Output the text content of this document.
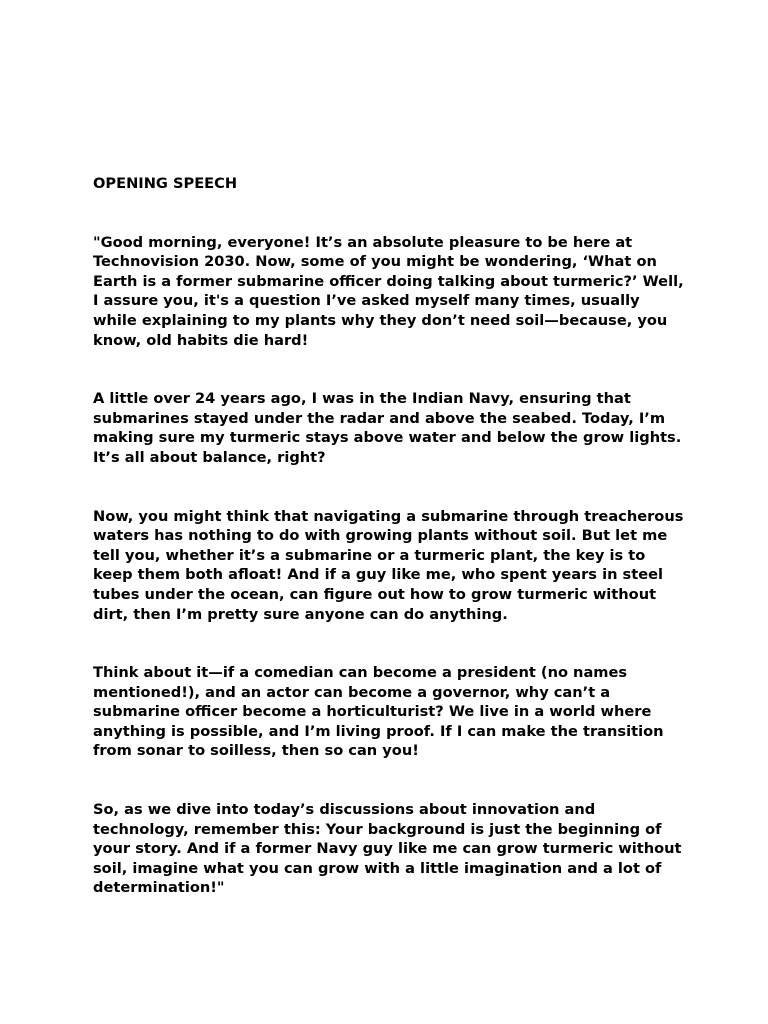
OPENING SPEECH

"Good morning, everyone! It’s an absolute pleasure to be here at Technovision 2030. Now, some of you might be wondering, ‘What on Earth is a former submarine officer doing talking about turmeric?’ Well, I assure you, it's a question I’ve asked myself many times, usually while explaining to my plants why they don’t need soil—because, you know, old habits die hard!

A little over 24 years ago, I was in the Indian Navy, ensuring that submarines stayed under the radar and above the seabed. Today, I’m making sure my turmeric stays above water and below the grow lights. It’s all about balance, right?

Now, you might think that navigating a submarine through treacherous waters has nothing to do with growing plants without soil. But let me tell you, whether it’s a submarine or a turmeric plant, the key is to keep them both afloat! And if a guy like me, who spent years in steel tubes under the ocean, can figure out how to grow turmeric without dirt, then I’m pretty sure anyone can do anything.

Think about it—if a comedian can become a president (no names mentioned!), and an actor can become a governor, why can’t a submarine officer become a horticulturist? We live in a world where anything is possible, and I’m living proof. If I can make the transition from sonar to soilless, then so can you!

So, as we dive into today’s discussions about innovation and technology, remember this: Your background is just the beginning of your story. And if a former Navy guy like me can grow turmeric without soil, imagine what you can grow with a little imagination and a lot of determination!"
